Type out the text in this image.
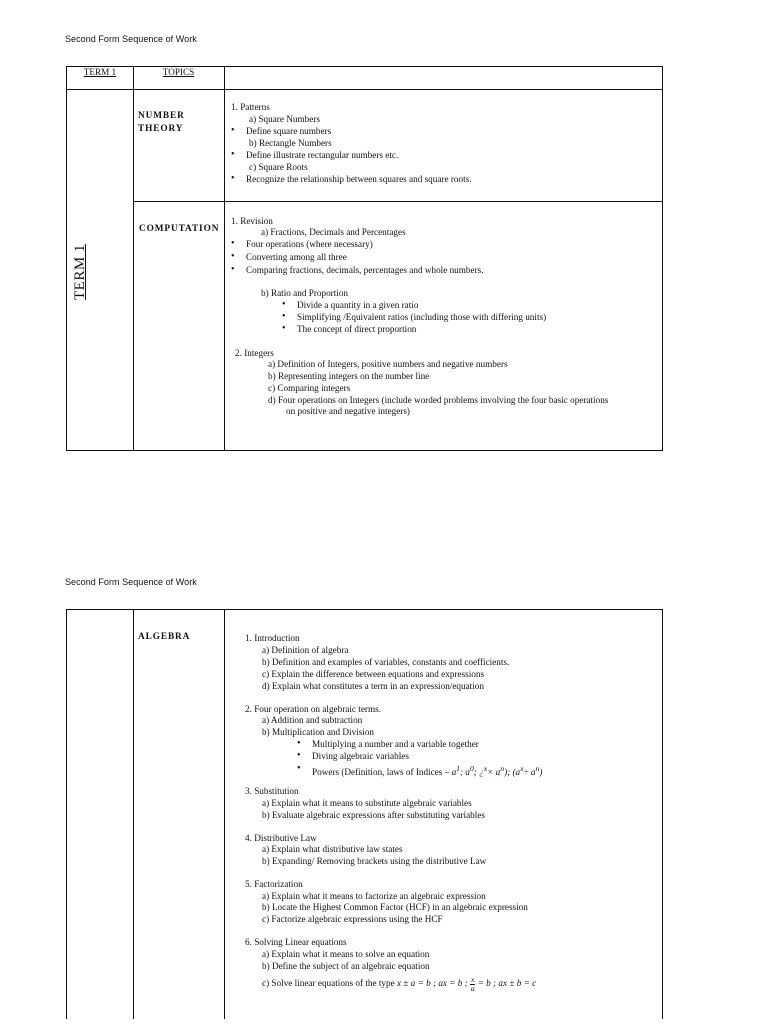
Second Form Sequence of Work
TERM 1	TOPICS
TERM 1
NUMBER
THEORY
1. Patterns
a) Square Numbers
• Define square numbers
b) Rectangle Numbers
• Define illustrate rectangular numbers etc.
c) Square Roots
• Recognize the relationship between squares and square roots.
COMPUTATION
1. Revision
a) Fractions, Decimals and Percentages
• Four operations (where necessary)
• Converting among all three
• Comparing fractions, decimals, percentages and whole numbers.
b) Ratio and Proportion
• Divide a quantity in a given ratio
• Simplifying /Equivalent ratios (including those with differing units)
• The concept of direct proportion
2. Integers
a) Definition of Integers, positive numbers and negative numbers
b) Representing integers on the number line
c) Comparing integers
d) Four operations on Integers (include worded problems involving the four basic operations
on positive and negative integers)
Second Form Sequence of Work
ALGEBRA	1. Introduction
a) Definition of algebra
b) Definition and examples of variables, constants and coefficients.
c) Explain the difference between equations and expressions
d) Explain what constitutes a term in an expression/equation
2. Four operation on algebraic terms.
a) Addition and subtraction
b) Multiplication and Division
• Multiplying a number and a variable together
• Diving algebraic variables
• Powers (Definition, laws of Indices – $a^1$; $a^0$; ¿$^x\times a^n$); $(a^x\div a^n)$
3. Substitution
a) Explain what it means to substitute algebraic variables
b) Evaluate algebraic expressions after substituting variables
4. Distributive Law
a) Explain what distributive law states
b) Expanding/ Removing brackets using the distributive Law
5. Factorization
a) Explain what it means to factorize an algebraic expression
b) Locate the Highest Common Factor (HCF) in an algebraic expression
c) Factorize algebraic expressions using the HCF
6. Solving Linear equations
a) Explain what it means to solve an equation
b) Define the subject of an algebraic equation
c) Solve linear equations of the type x ± a = b ; ax = b ; $\frac{x}{a} = b$ ; ax ± b = c
